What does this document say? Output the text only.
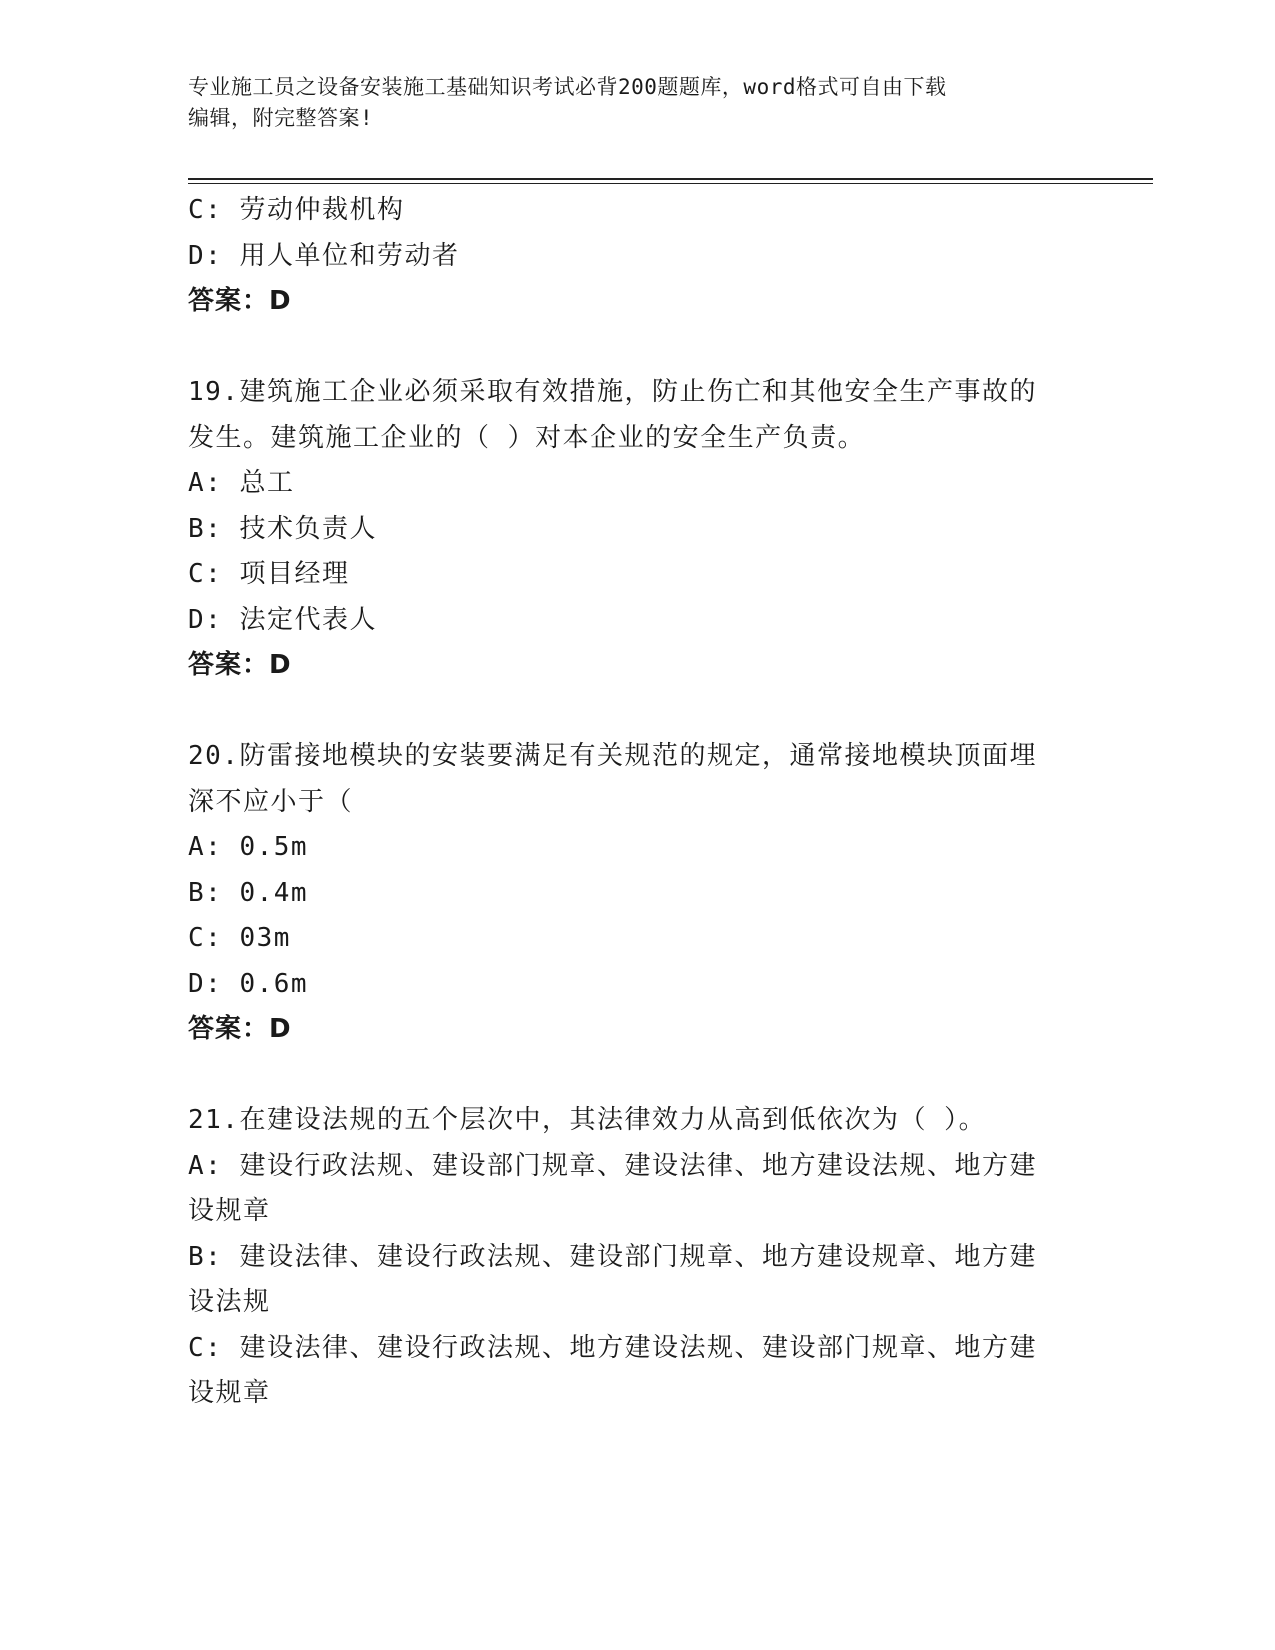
专业施工员之设备安装施工基础知识考试必背200题题库，word格式可自由下载
编辑，附完整答案!
C: 劳动仲裁机构
D: 用人单位和劳动者
答案：D
19.建筑施工企业必须采取有效措施，防止伤亡和其他安全生产事故的
发生。建筑施工企业的（ ）对本企业的安全生产负责。
A: 总工
B: 技术负责人
C: 项目经理
D: 法定代表人
答案：D
20.防雷接地模块的安装要满足有关规范的规定，通常接地模块顶面埋
深不应小于（
A: 0.5m
B: 0.4m
C: 03m
D: 0.6m
答案：D
21.在建设法规的五个层次中，其法律效力从高到低依次为（ ）。
A: 建设行政法规、建设部门规章、建设法律、地方建设法规、地方建
设规章
B: 建设法律、建设行政法规、建设部门规章、地方建设规章、地方建
设法规
C: 建设法律、建设行政法规、地方建设法规、建设部门规章、地方建
设规章
